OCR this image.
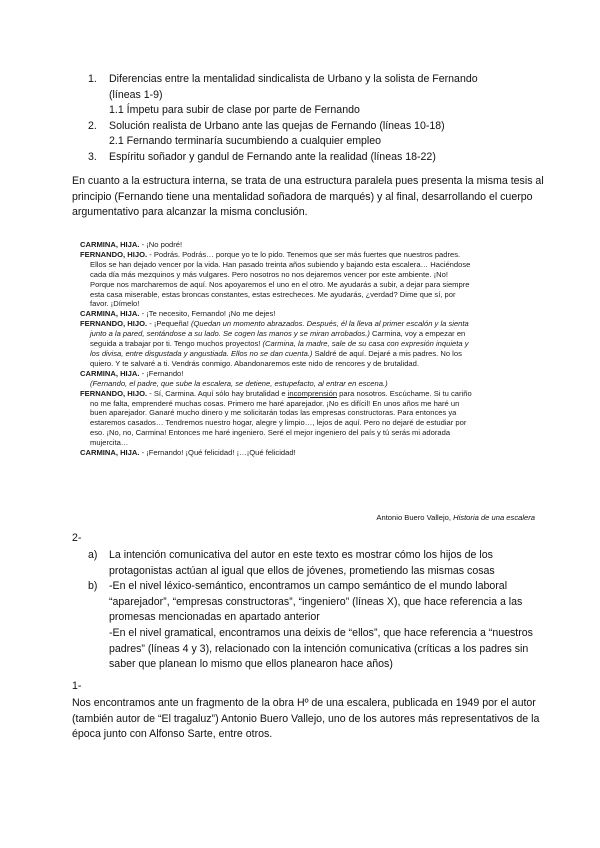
1.	Diferencias entre la mentalidad sindicalista de Urbano y la solista de Fernando
(líneas 1-9)
1.1 Ímpetu para subir de clase por parte de Fernando
2.	Solución realista de Urbano ante las quejas de Fernando (líneas 10-18)
2.1 Fernando terminaría sucumbiendo a cualquier empleo
3.	Espíritu soñador y gandul de Fernando ante la realidad (líneas 18-22)
En cuanto a la estructura interna, se trata de una estructura paralela pues presenta la misma tesis al principio (Fernando tiene una mentalidad soñadora de marqués) y al final, desarrollando el cuerpo argumentativo para alcanzar la misma conclusión.
CARMINA, HIJA. - ¡No podré!
FERNANDO, HIJO. - Podrás. Podrás… porque yo te lo pido. Tenemos que ser más fuertes que nuestros padres.
Ellos se han dejado vencer por la vida. Han pasado treinta años subiendo y bajando esta escalera… Haciéndose
cada día más mezquinos y más vulgares. Pero nosotros no nos dejaremos vencer por este ambiente. ¡No!
Porque nos marcharemos de aquí. Nos apoyaremos el uno en el otro. Me ayudarás a subir, a dejar para siempre
esta casa miserable, estas broncas constantes, estas estrecheces. Me ayudarás, ¿verdad? Dime que sí, por
favor. ¡Dímelo!
CARMINA, HIJA. - ¡Te necesito, Fernando! ¡No me dejes!
FERNANDO, HIJO. - ¡Pequeña! (Quedan un momento abrazados. Después, él la lleva al primer escalón y la sienta
junto a la pared, sentándose a su lado. Se cogen las manos y se miran arrobados.) Carmina, voy a empezar en
seguida a trabajar por ti. Tengo muchos proyectos! (Carmina, la madre, sale de su casa con expresión inquieta y
los divisa, entre disgustada y angustiada. Ellos no se dan cuenta.) Saldré de aquí. Dejaré a mis padres. No los
quiero. Y te salvaré a ti. Vendrás conmigo. Abandonaremos este nido de rencores y de brutalidad.
CARMINA, HIJA. - ¡Fernando!
(Fernando, el padre, que sube la escalera, se detiene, estupefacto, al entrar en escena.)
FERNANDO, HIJO. - Sí, Carmina. Aquí sólo hay brutalidad e incomprensión para nosotros. Escúchame. Si tu cariño
no me falta, emprenderé muchas cosas. Primero me haré aparejador. ¡No es difícil! En unos años me haré un
buen aparejador. Ganaré mucho dinero y me solicitarán todas las empresas constructoras. Para entonces ya
estaremos casados… Tendremos nuestro hogar, alegre y limpio…, lejos de aquí. Pero no dejaré de estudiar por
eso. ¡No, no, Carmina! Entonces me haré ingeniero. Seré el mejor ingeniero del país y tú serás mi adorada
mujercita…
CARMINA, HIJA. - ¡Fernando! ¡Qué felicidad! ¡…¡Qué felicidad!
Antonio Buero Vallejo, Historia de una escalera
2-
a)	La intención comunicativa del autor en este texto es mostrar cómo los hijos de los protagonistas actúan al igual que ellos de jóvenes, prometiendo las mismas cosas
b)	-En el nivel léxico-semántico, encontramos un campo semántico de el mundo laboral “aparejador”, “empresas constructoras”, “ingeniero” (líneas X), que hace referencia a las promesas mencionadas en apartado anterior
-En el nivel gramatical, encontramos una deixis de “ellos”, que hace referencia a “nuestros padres” (líneas 4 y 3), relacionado con la intención comunicativa (críticas a los padres sin saber que planean lo mismo que ellos planearon hace años)
1-
Nos encontramos ante un fragmento de la obra Hº de una escalera, publicada en 1949 por el autor (también autor de “El tragaluz”) Antonio Buero Vallejo, uno de los autores más representativos de la época junto con Alfonso Sarte, entre otros.
